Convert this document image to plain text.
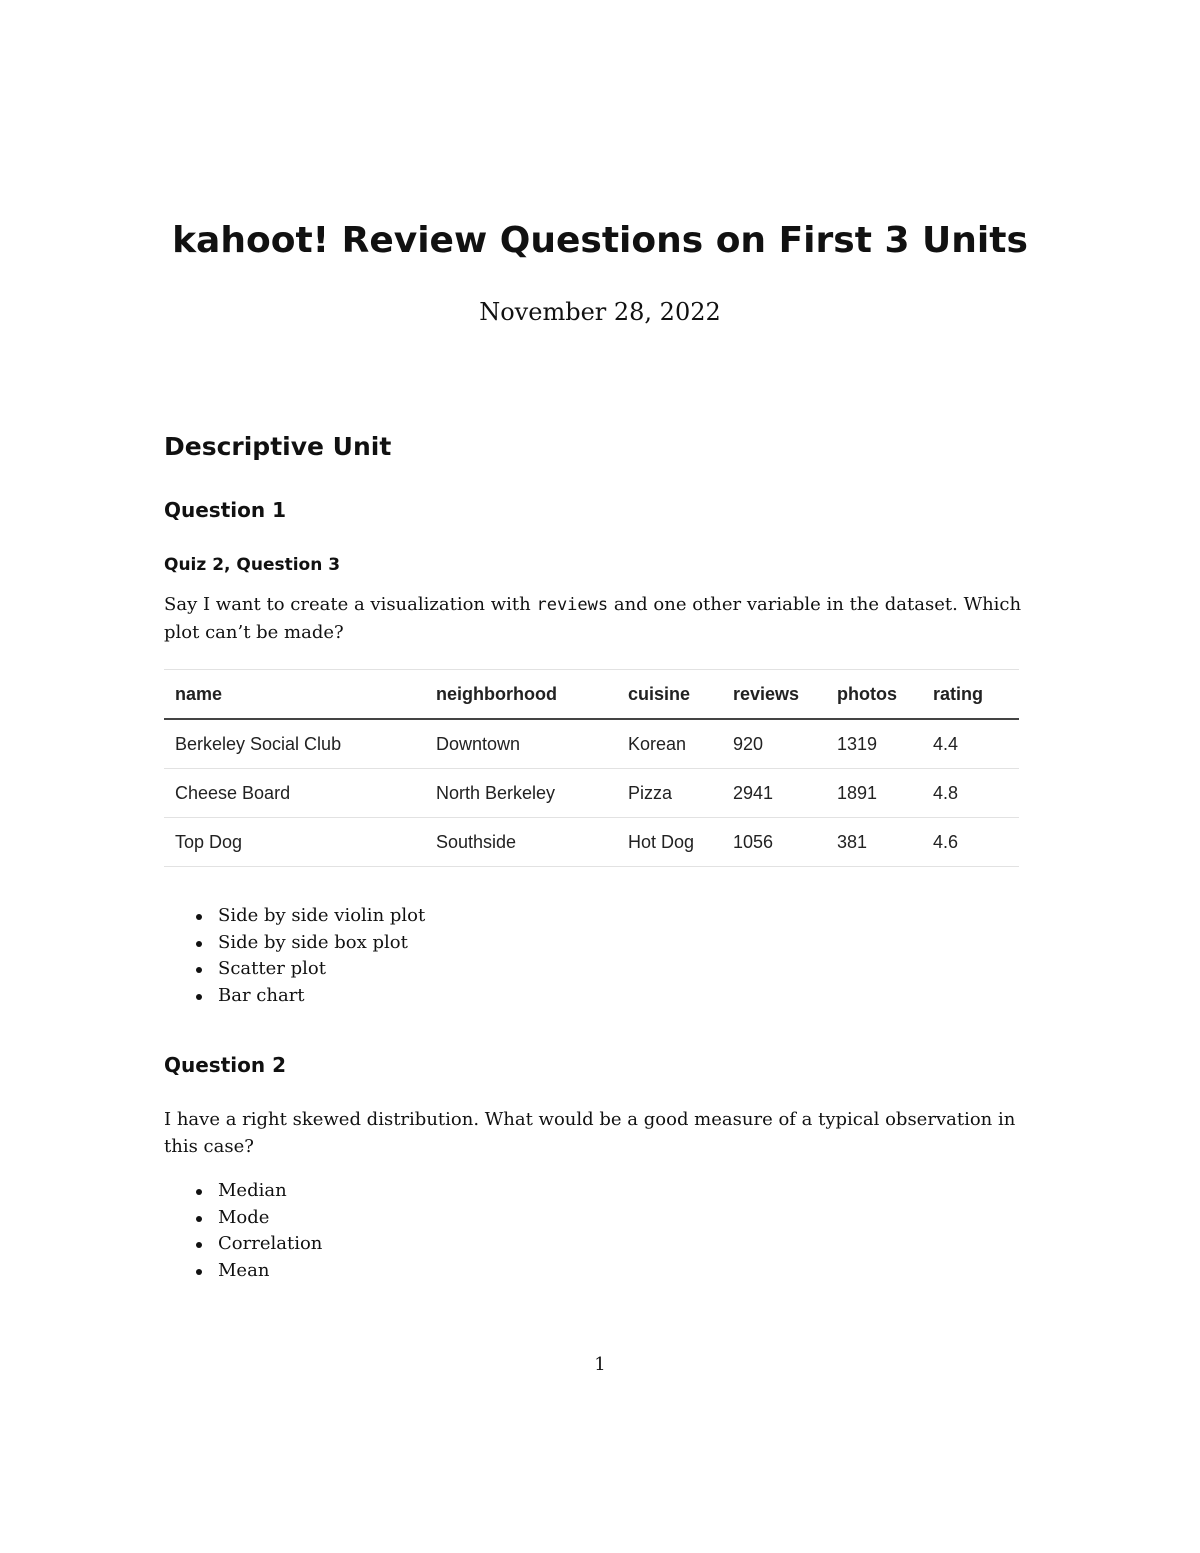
kahoot! Review Questions on First 3 Units
November 28, 2022
Descriptive Unit
Question 1
Quiz 2, Question 3
Say I want to create a visualization with reviews and one other variable in the dataset. Which plot can’t be made?
name	neighborhood	cuisine	reviews	photos	rating
Berkeley Social Club	Downtown	Korean	920	1319	4.4
Cheese Board	North Berkeley	Pizza	2941	1891	4.8
Top Dog	Southside	Hot Dog	1056	381	4.6
Side by side violin plot
Side by side box plot
Scatter plot
Bar chart
Question 2
I have a right skewed distribution. What would be a good measure of a typical observation in this case?
Median
Mode
Correlation
Mean
1
